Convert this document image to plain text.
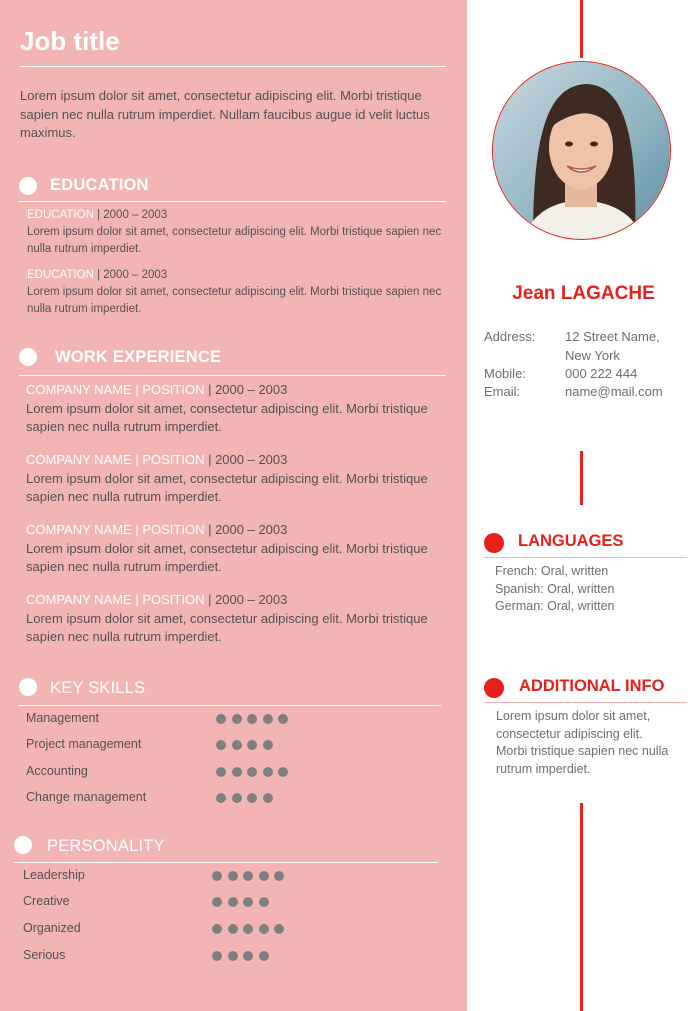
Job title
Lorem ipsum dolor sit amet, consectetur adipiscing elit. Morbi tristique sapien nec nulla rutrum imperdiet. Nullam faucibus augue id velit luctus maximus.
EDUCATION
EDUCATION | 2000 – 2003
Lorem ipsum dolor sit amet, consectetur adipiscing elit. Morbi tristique sapien nec nulla rutrum imperdiet.
EDUCATION | 2000 – 2003
Lorem ipsum dolor sit amet, consectetur adipiscing elit. Morbi tristique sapien nec nulla rutrum imperdiet.
WORK EXPERIENCE
COMPANY NAME | POSITION | 2000 – 2003
Lorem ipsum dolor sit amet, consectetur adipiscing elit. Morbi tristique sapien nec nulla rutrum imperdiet.
COMPANY NAME | POSITION | 2000 – 2003
Lorem ipsum dolor sit amet, consectetur adipiscing elit. Morbi tristique sapien nec nulla rutrum imperdiet.
COMPANY NAME | POSITION | 2000 – 2003
Lorem ipsum dolor sit amet, consectetur adipiscing elit. Morbi tristique sapien nec nulla rutrum imperdiet.
COMPANY NAME | POSITION | 2000 – 2003
Lorem ipsum dolor sit amet, consectetur adipiscing elit. Morbi tristique sapien nec nulla rutrum imperdiet.
KEY SKILLS
Management
Project management
Accounting
Change management
PERSONALITY
Leadership
Creative
Organized
Serious
Jean LAGACHE
Address: 12 Street Name, New York
Mobile:	000 222 444
Email:	name@mail.com
LANGUAGES
French: Oral, written
Spanish: Oral, written
German: Oral, written
ADDITIONAL INFO
Lorem ipsum dolor sit amet, consectetur adipiscing elit. Morbi tristique sapien nec nulla rutrum imperdiet.
